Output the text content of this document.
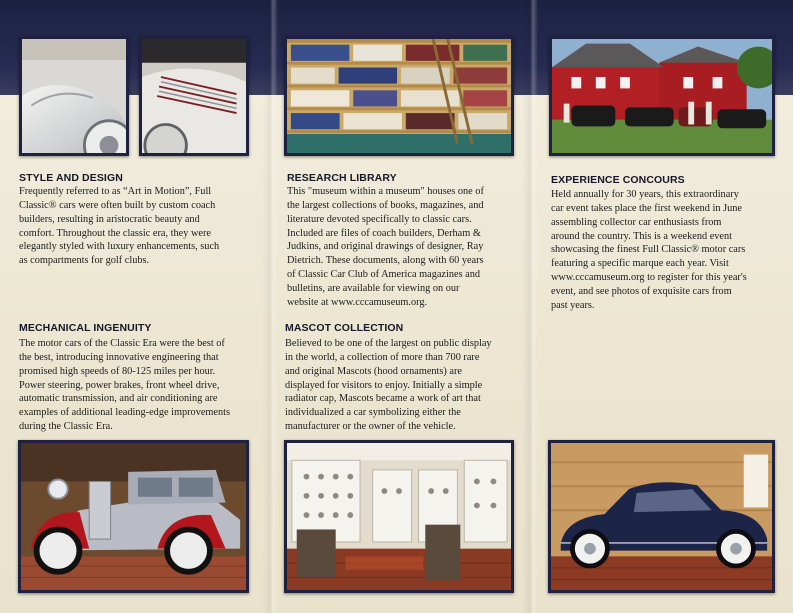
STYLE AND DESIGN

Frequently referred to as “Art in Motion”, Full
Classic® cars were often built by custom coach
builders, resulting in aristocratic beauty and
comfort. Throughout the classic era, they were
elegantly styled with luxury enhancements, such
as compartments for golf clubs.

MECHANICAL INGENUITY

The motor cars of the Classic Era were the best of
the best, introducing innovative engineering that
promised high speeds of 80-125 miles per hour.
Power steering, power brakes, front wheel drive,
automatic transmission, and air conditioning are
examples of additional leading-edge improvements
during the Classic Era.

RESEARCH LIBRARY

This "museum within a museum" houses one of
the largest collections of books, magazines, and
literature devoted specifically to classic cars.
Included are files of coach builders, Derham &
Judkins, and original drawings of designer, Ray
Dietrich. These documents, along with 60 years
of Classic Car Club of America magazines and
bulletins, are available for viewing on our
website at www.cccamuseum.org.

MASCOT COLLECTION

Believed to be one of the largest on public display
in the world, a collection of more than 700 rare
and original Mascots (hood ornaments) are
displayed for visitors to enjoy. Initially a simple
radiator cap, Mascots became a work of art that
individualized a car symbolizing either the
manufacturer or the owner of the vehicle.

EXPERIENCE CONCOURS

Held annually for 30 years, this extraordinary
car event takes place the first weekend in June
assembling collector car enthusiasts from
around the country. This is a weekend event
showcasing the finest Full Classic® motor cars
featuring a specific marque each year. Visit
www.cccamuseum.org to register for this year's
event, and see photos of exquisite cars from
past years.
